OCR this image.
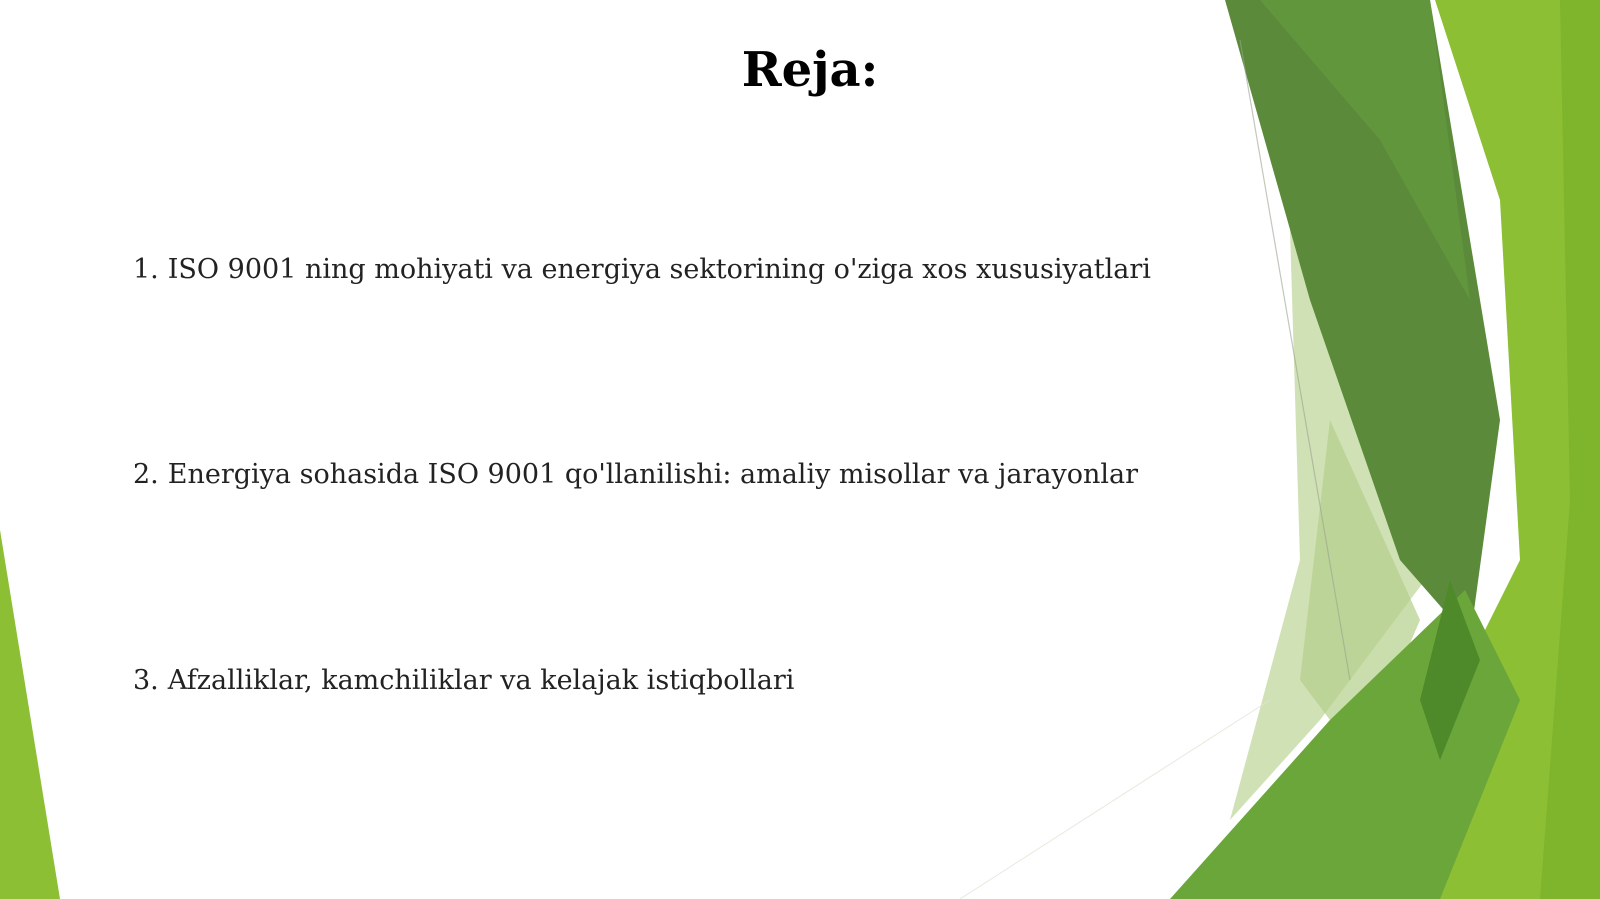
Reja:
1. ISO 9001 ning mohiyati va energiya sektorining o'ziga xos xususiyatlari
2. Energiya sohasida ISO 9001 qo'llanilishi: amaliy misollar va jarayonlar
3. Afzalliklar, kamchiliklar va kelajak istiqbollari
